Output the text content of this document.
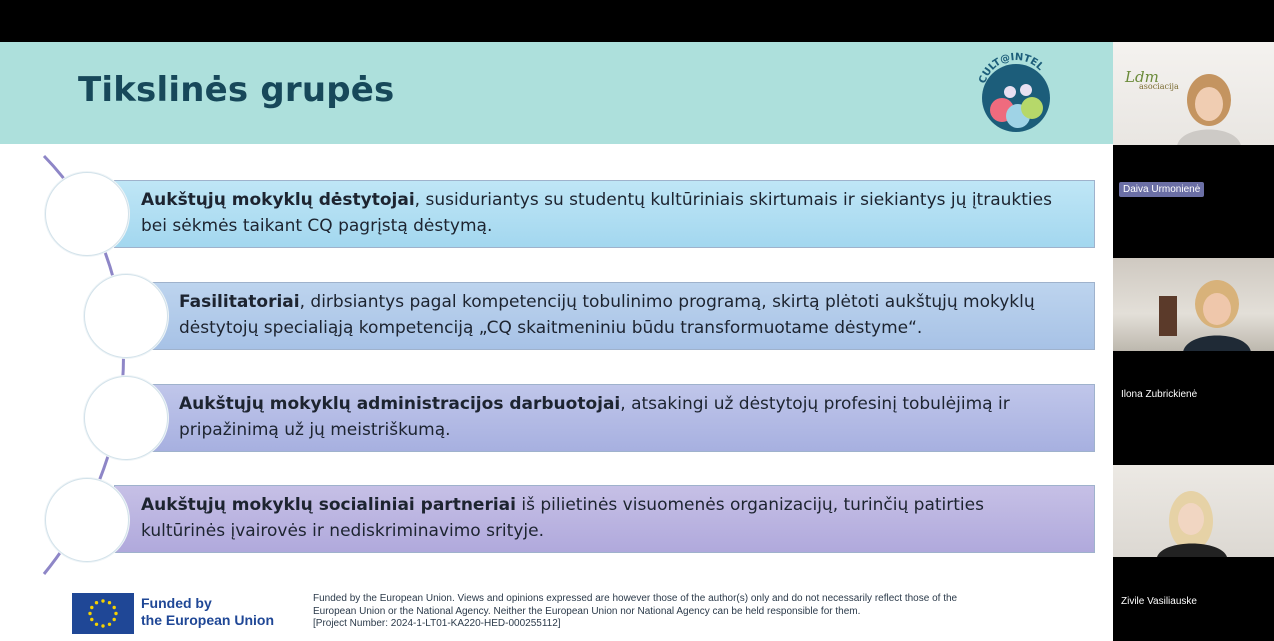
Tikslinės grupės	CULT@INTEL
Aukštųjų mokyklų dėstytojai, susiduriantys su studentų kultūriniais skirtumais ir siekiantys jų įtraukties bei sėkmės taikant CQ pagrįstą dėstymą.
Fasilitatoriai, dirbsiantys pagal kompetencijų tobulinimo programą, skirtą plėtoti aukštųjų mokyklų dėstytojų specialiąją kompetenciją „CQ skaitmeniniu būdu transformuotame dėstyme“.
Aukštųjų mokyklų administracijos darbuotojai, atsakingi už dėstytojų profesinį tobulėjimą ir pripažinimą už jų meistriškumą.
Aukštųjų mokyklų socialiniai partneriai iš pilietinės visuomenės organizacijų, turinčių patirties kultūrinės įvairovės ir nediskriminavimo srityje.
Funded by
the European Union
Funded by the European Union. Views and opinions expressed are however those of the author(s) only and do not necessarily reflect those of the
European Union or the National Agency. Neither the European Union nor National Agency can be held responsible for them.
[Project Number: 2024-1-LT01-KA220-HED-000255112]
Ldm
asociacija
Daiva Urmonienė
Ilona Zubrickienė
Zivile Vasiliauske
